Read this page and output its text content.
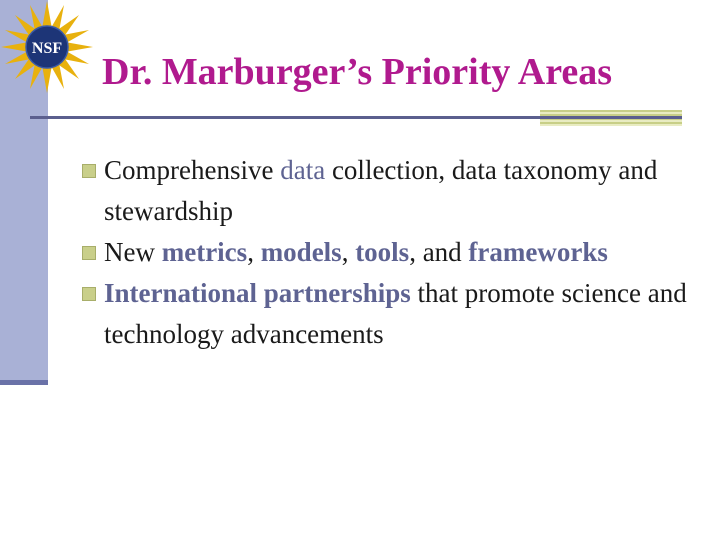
NSF
Dr. Marburger’s Priority Areas
Comprehensive data collection, data taxonomy and stewardship
New metrics, models, tools, and frameworks
International partnerships that promote science and technology advancements
